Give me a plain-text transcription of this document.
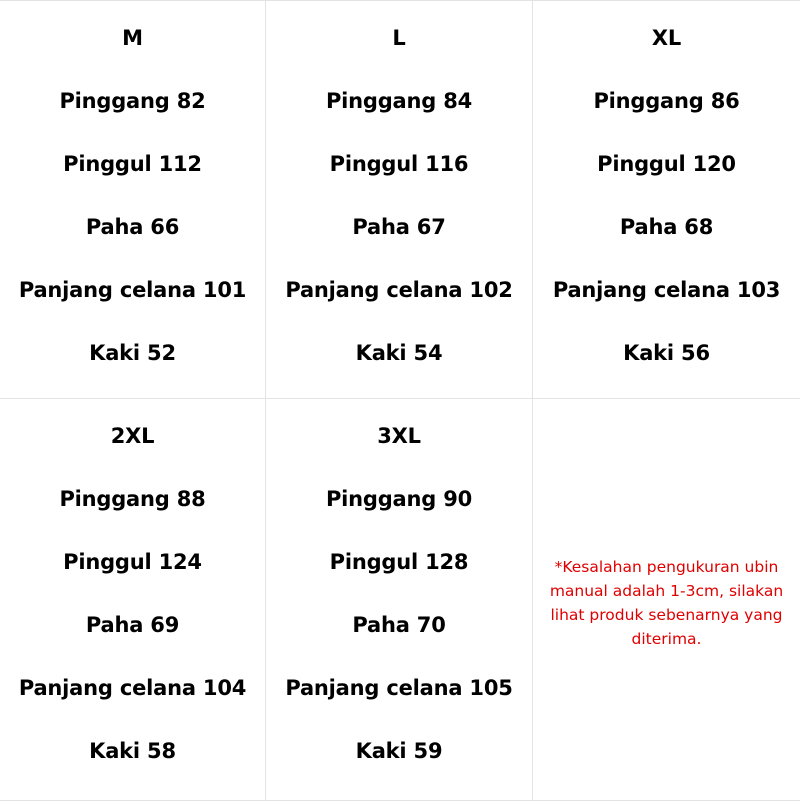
M
Pinggang 82
Pinggul 112
Paha 66
Panjang celana 101
Kaki 52
L
Pinggang 84
Pinggul 116
Paha 67
Panjang celana 102
Kaki 54
XL
Pinggang 86
Pinggul 120
Paha 68
Panjang celana 103
Kaki 56
2XL
Pinggang 88
Pinggul 124
Paha 69
Panjang celana 104
Kaki 58
3XL
Pinggang 90
Pinggul 128
Paha 70
Panjang celana 105
Kaki 59
*Kesalahan pengukuran ubin manual adalah 1-3cm, silakan lihat produk sebenarnya yang diterima.
